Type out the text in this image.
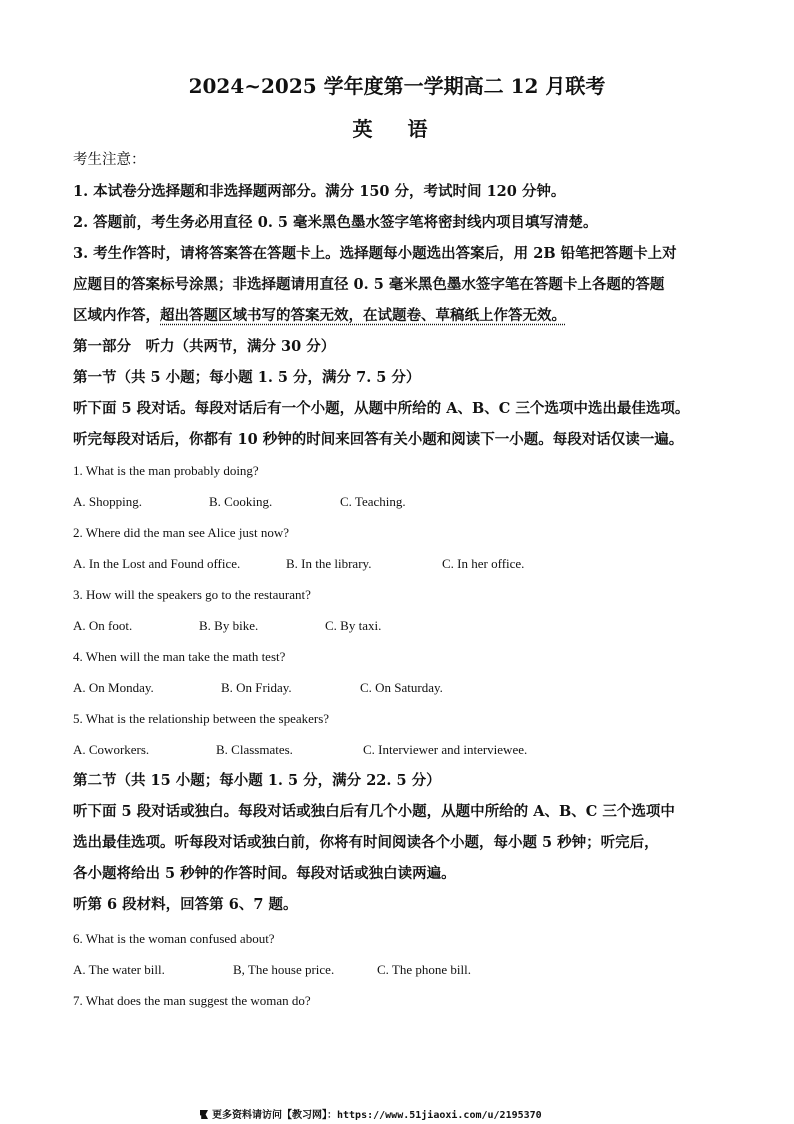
2024~2025 学年度第一学期高二 12 月联考
英 语
考生注意：
1. 本试卷分选择题和非选择题两部分。满分 150 分，考试时间 120 分钟。
2. 答题前，考生务必用直径 0. 5 毫米黑色墨水签字笔将密封线内项目填写清楚。
3. 考生作答时，请将答案答在答题卡上。选择题每小题选出答案后，用 2B 铅笔把答题卡上对
应题目的答案标号涂黑；非选择题请用直径 0. 5 毫米黑色墨水签字笔在答题卡上各题的答题
区域内作答，超出答题区域书写的答案无效，在试题卷、草稿纸上作答无效。
第一部分　听力（共两节，满分 30 分）
第一节（共 5 小题；每小题 1. 5 分，满分 7. 5 分）
听下面 5 段对话。每段对话后有一个小题，从题中所给的 A、B、C 三个选项中选出最佳选项。
听完每段对话后，你都有 10 秒钟的时间来回答有关小题和阅读下一小题。每段对话仅读一遍。
1. What is the man probably doing?
A. Shopping.	B. Cooking.	C. Teaching.
2. Where did the man see Alice just now?
A. In the Lost and Found office.	B. In the library.	C. In her office.
3. How will the speakers go to the restaurant?
A. On foot.	B. By bike.	C. By taxi.
4. When will the man take the math test?
A. On Monday.	B. On Friday.	C. On Saturday.
5. What is the relationship between the speakers?
A. Coworkers.	B. Classmates.	C. Interviewer and interviewee.
第二节（共 15 小题；每小题 1. 5 分，满分 22. 5 分）
听下面 5 段对话或独白。每段对话或独白后有几个小题，从题中所给的 A、B、C 三个选项中
选出最佳选项。听每段对话或独白前，你将有时间阅读各个小题，每小题 5 秒钟；听完后，
各小题将给出 5 秒钟的作答时间。每段对话或独白读两遍。
听第 6 段材料，回答第 6、7 题。
6. What is the woman confused about?
A. The water bill.	B, The house price.	C. The phone bill.
7. What does the man suggest the woman do?
更多资料请访问【教习网】：https://www.51jiaoxi.com/u/2195370
